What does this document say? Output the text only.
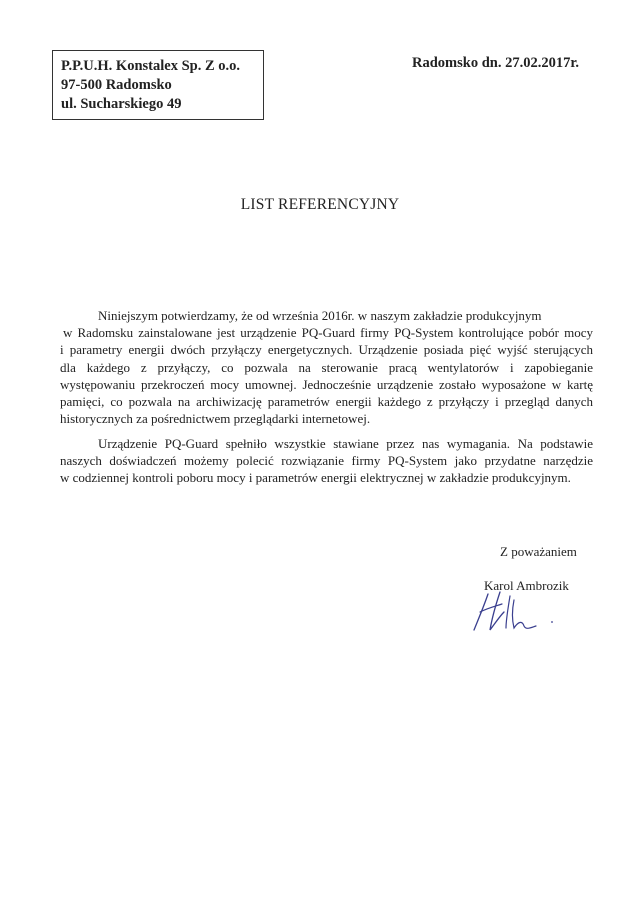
P.P.U.H. Konstalex Sp. Z o.o.
97-500 Radomsko
ul. Sucharskiego 49
Radomsko dn. 27.02.2017r.
LIST REFERENCYJNY
Niniejszym potwierdzamy, że od września 2016r. w naszym zakładzie produkcyjnym
w Radomsku zainstalowane jest urządzenie PQ-Guard firmy PQ-System kontrolujące pobór mocy
i parametry energii dwóch przyłączy energetycznych. Urządzenie posiada pięć wyjść sterujących
dla każdego z przyłączy, co pozwala na sterowanie pracą wentylatorów i zapobieganie
występowaniu przekroczeń mocy umownej. Jednocześnie urządzenie zostało wyposażone w kartę
pamięci, co pozwala na archiwizację parametrów energii każdego z przyłączy i przegląd danych
historycznych za pośrednictwem przeglądarki internetowej.
Urządzenie PQ-Guard spełniło wszystkie stawiane przez nas wymagania. Na podstawie
naszych doświadczeń możemy polecić rozwiązanie firmy PQ-System jako przydatne narzędzie
w codziennej kontroli poboru mocy i parametrów energii elektrycznej w zakładzie produkcyjnym.
Z poważaniem
Karol Ambrozik
